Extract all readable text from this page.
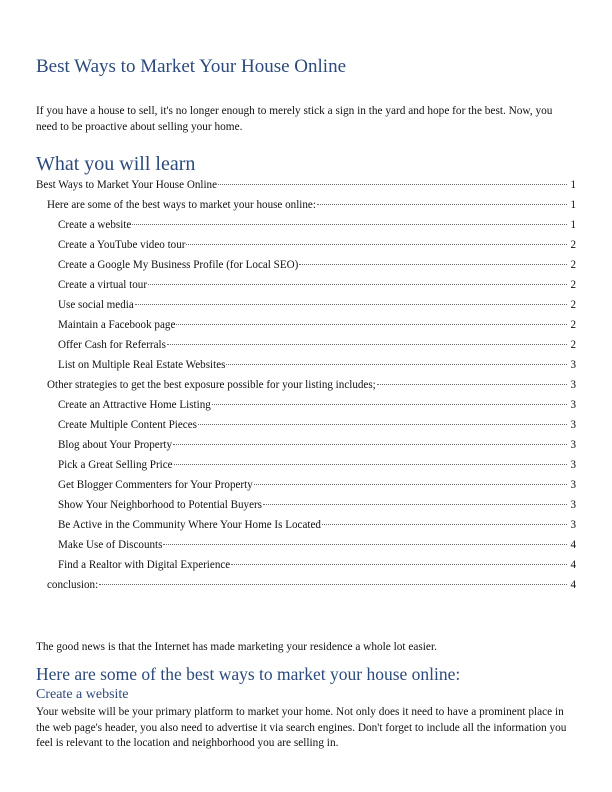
Best Ways to Market Your House Online

If you have a house to sell, it's no longer enough to merely stick a sign in the yard and hope for the best. Now, you need to be proactive about selling your home.

What you will learn
Best Ways to Market Your House Online	1
Here are some of the best ways to market your house online:	1
Create a website	1
Create a YouTube video tour	2
Create a Google My Business Profile (for Local SEO)	2
Create a virtual tour	2
Use social media	2
Maintain a Facebook page	2
Offer Cash for Referrals	2
List on Multiple Real Estate Websites	3
Other strategies to get the best exposure possible for your listing includes;	3
Create an Attractive Home Listing	3
Create Multiple Content Pieces	3
Blog about Your Property	3
Pick a Great Selling Price	3
Get Blogger Commenters for Your Property	3
Show Your Neighborhood to Potential Buyers	3
Be Active in the Community Where Your Home Is Located	3
Make Use of Discounts	4
Find a Realtor with Digital Experience	4
conclusion:	4

The good news is that the Internet has made marketing your residence a whole lot easier.

Here are some of the best ways to market your house online:
Create a website

Your website will be your primary platform to market your home. Not only does it need to have a prominent place in the web page's header, you also need to advertise it via search engines. Don't forget to include all the information you feel is relevant to the location and neighborhood you are selling in.
